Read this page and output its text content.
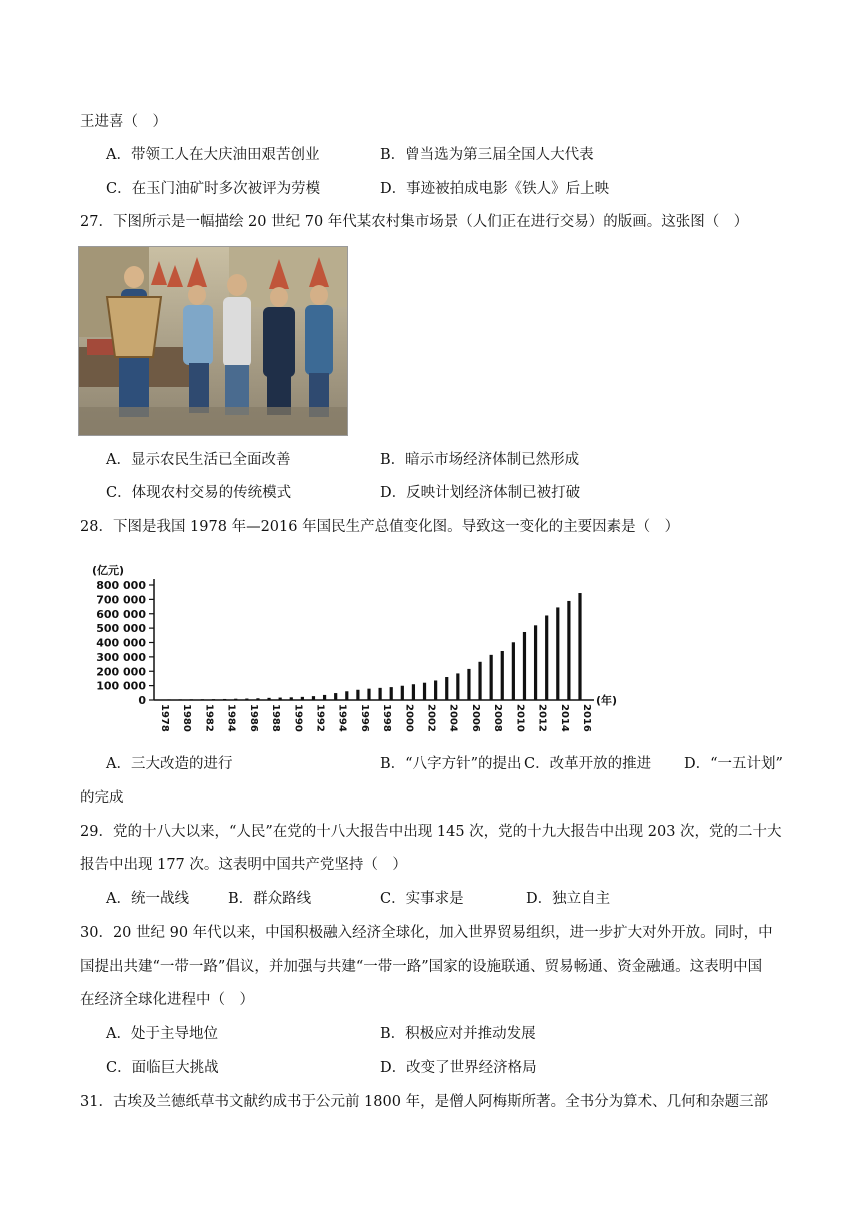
王进喜（　）
A．带领工人在大庆油田艰苦创业	B．曾当选为第三届全国人大代表
C．在玉门油矿时多次被评为劳模	D．事迹被拍成电影《铁人》后上映
27．下图所示是一幅描绘 20 世纪 70 年代某农村集市场景（人们正在进行交易）的版画。这张图（　）
A．显示农民生活已全面改善	B．暗示市场经济体制已然形成
C．体现农村交易的传统模式	D．反映计划经济体制已被打破
28．下图是我国 1978 年—2016 年国民生产总值变化图。导致这一变化的主要因素是（　）
(亿元)
0
100 000
200 000
300 000
400 000
500 000
600 000
700 000
800 000
1978 1980 1982 1984 1986 1988 1990 1992 1994 1996 1998 2000 2002 2004 2006 2008 2010 2012 2014 2016
(年)
A．三大改造的进行	B．“八字方针”的提出 C．改革开放的推进 D．“一五计划”
的完成
29．党的十八大以来，“人民”在党的十八大报告中出现 145 次，党的十九大报告中出现 203 次，党的二十大
报告中出现 177 次。这表明中国共产党坚持（　）
A．统一战线	B．群众路线	C．实事求是	D．独立自主
30．20 世纪 90 年代以来，中国积极融入经济全球化，加入世界贸易组织，进一步扩大对外开放。同时，中
国提出共建“一带一路”倡议，并加强与共建“一带一路”国家的设施联通、贸易畅通、资金融通。这表明中国
在经济全球化进程中（　）
A．处于主导地位	B．积极应对并推动发展
C．面临巨大挑战	D．改变了世界经济格局
31．古埃及兰德纸草书文献约成书于公元前 1800 年，是僧人阿梅斯所著。全书分为算术、几何和杂题三部
